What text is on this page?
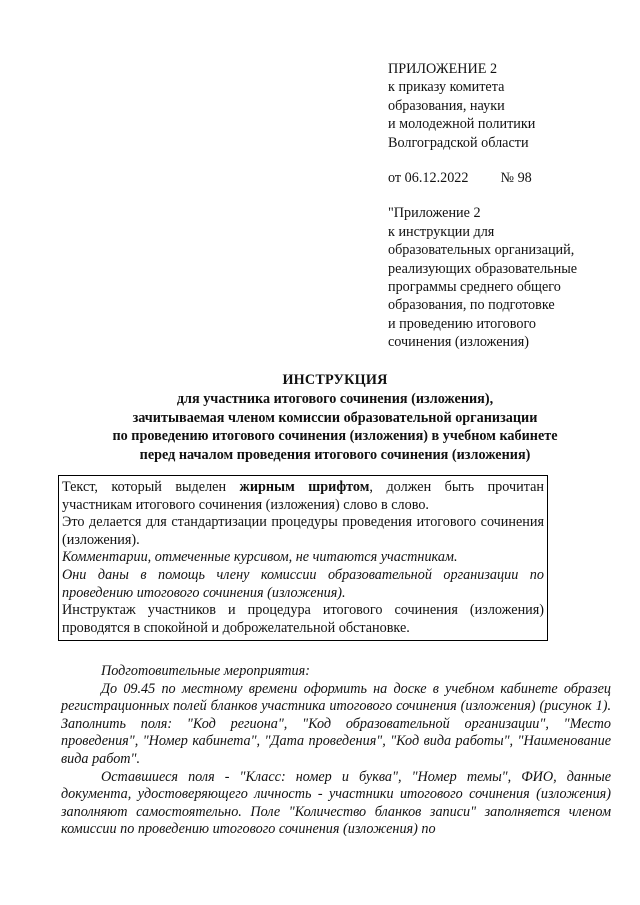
ПРИЛОЖЕНИЕ 2
к приказу комитета
образования, науки
и молодежной политики
Волгоградской области
от 06.12.2022 № 98
"Приложение 2
к инструкции для
образовательных организаций,
реализующих образовательные
программы среднего общего
образования, по подготовке
и проведению итогового
сочинения (изложения)
ИНСТРУКЦИЯ
для участника итогового сочинения (изложения),
зачитываемая членом комиссии образовательной организации
по проведению итогового сочинения (изложения) в учебном кабинете
перед началом проведения итогового сочинения (изложения)

Текст, который выделен жирным шрифтом, должен быть прочитан участникам итогового сочинения (изложения) слово в слово.

Это делается для стандартизации процедуры проведения итогового сочинения (изложения).

Комментарии, отмеченные курсивом, не читаются участникам.

Они даны в помощь члену комиссии образовательной организации по проведению итогового сочинения (изложения).

Инструктаж участников и процедура итогового сочинения (изложения) проводятся в спокойной и доброжелательной обстановке.

Подготовительные мероприятия:

До 09.45 по местному времени оформить на доске в учебном кабинете образец регистрационных полей бланков участника итогового сочинения (изложения) (рисунок 1). Заполнить поля: "Код региона", "Код образовательной организации", "Место проведения", "Номер кабинета", "Дата проведения", "Код вида работы", "Наименование вида работ".

Оставшиеся поля - "Класс: номер и буква", "Номер темы", ФИО, данные документа, удостоверяющего личность - участники итогового сочинения (изложения) заполняют самостоятельно. Поле "Количество бланков записи" заполняется членом комиссии по проведению итогового сочинения (изложения) по
